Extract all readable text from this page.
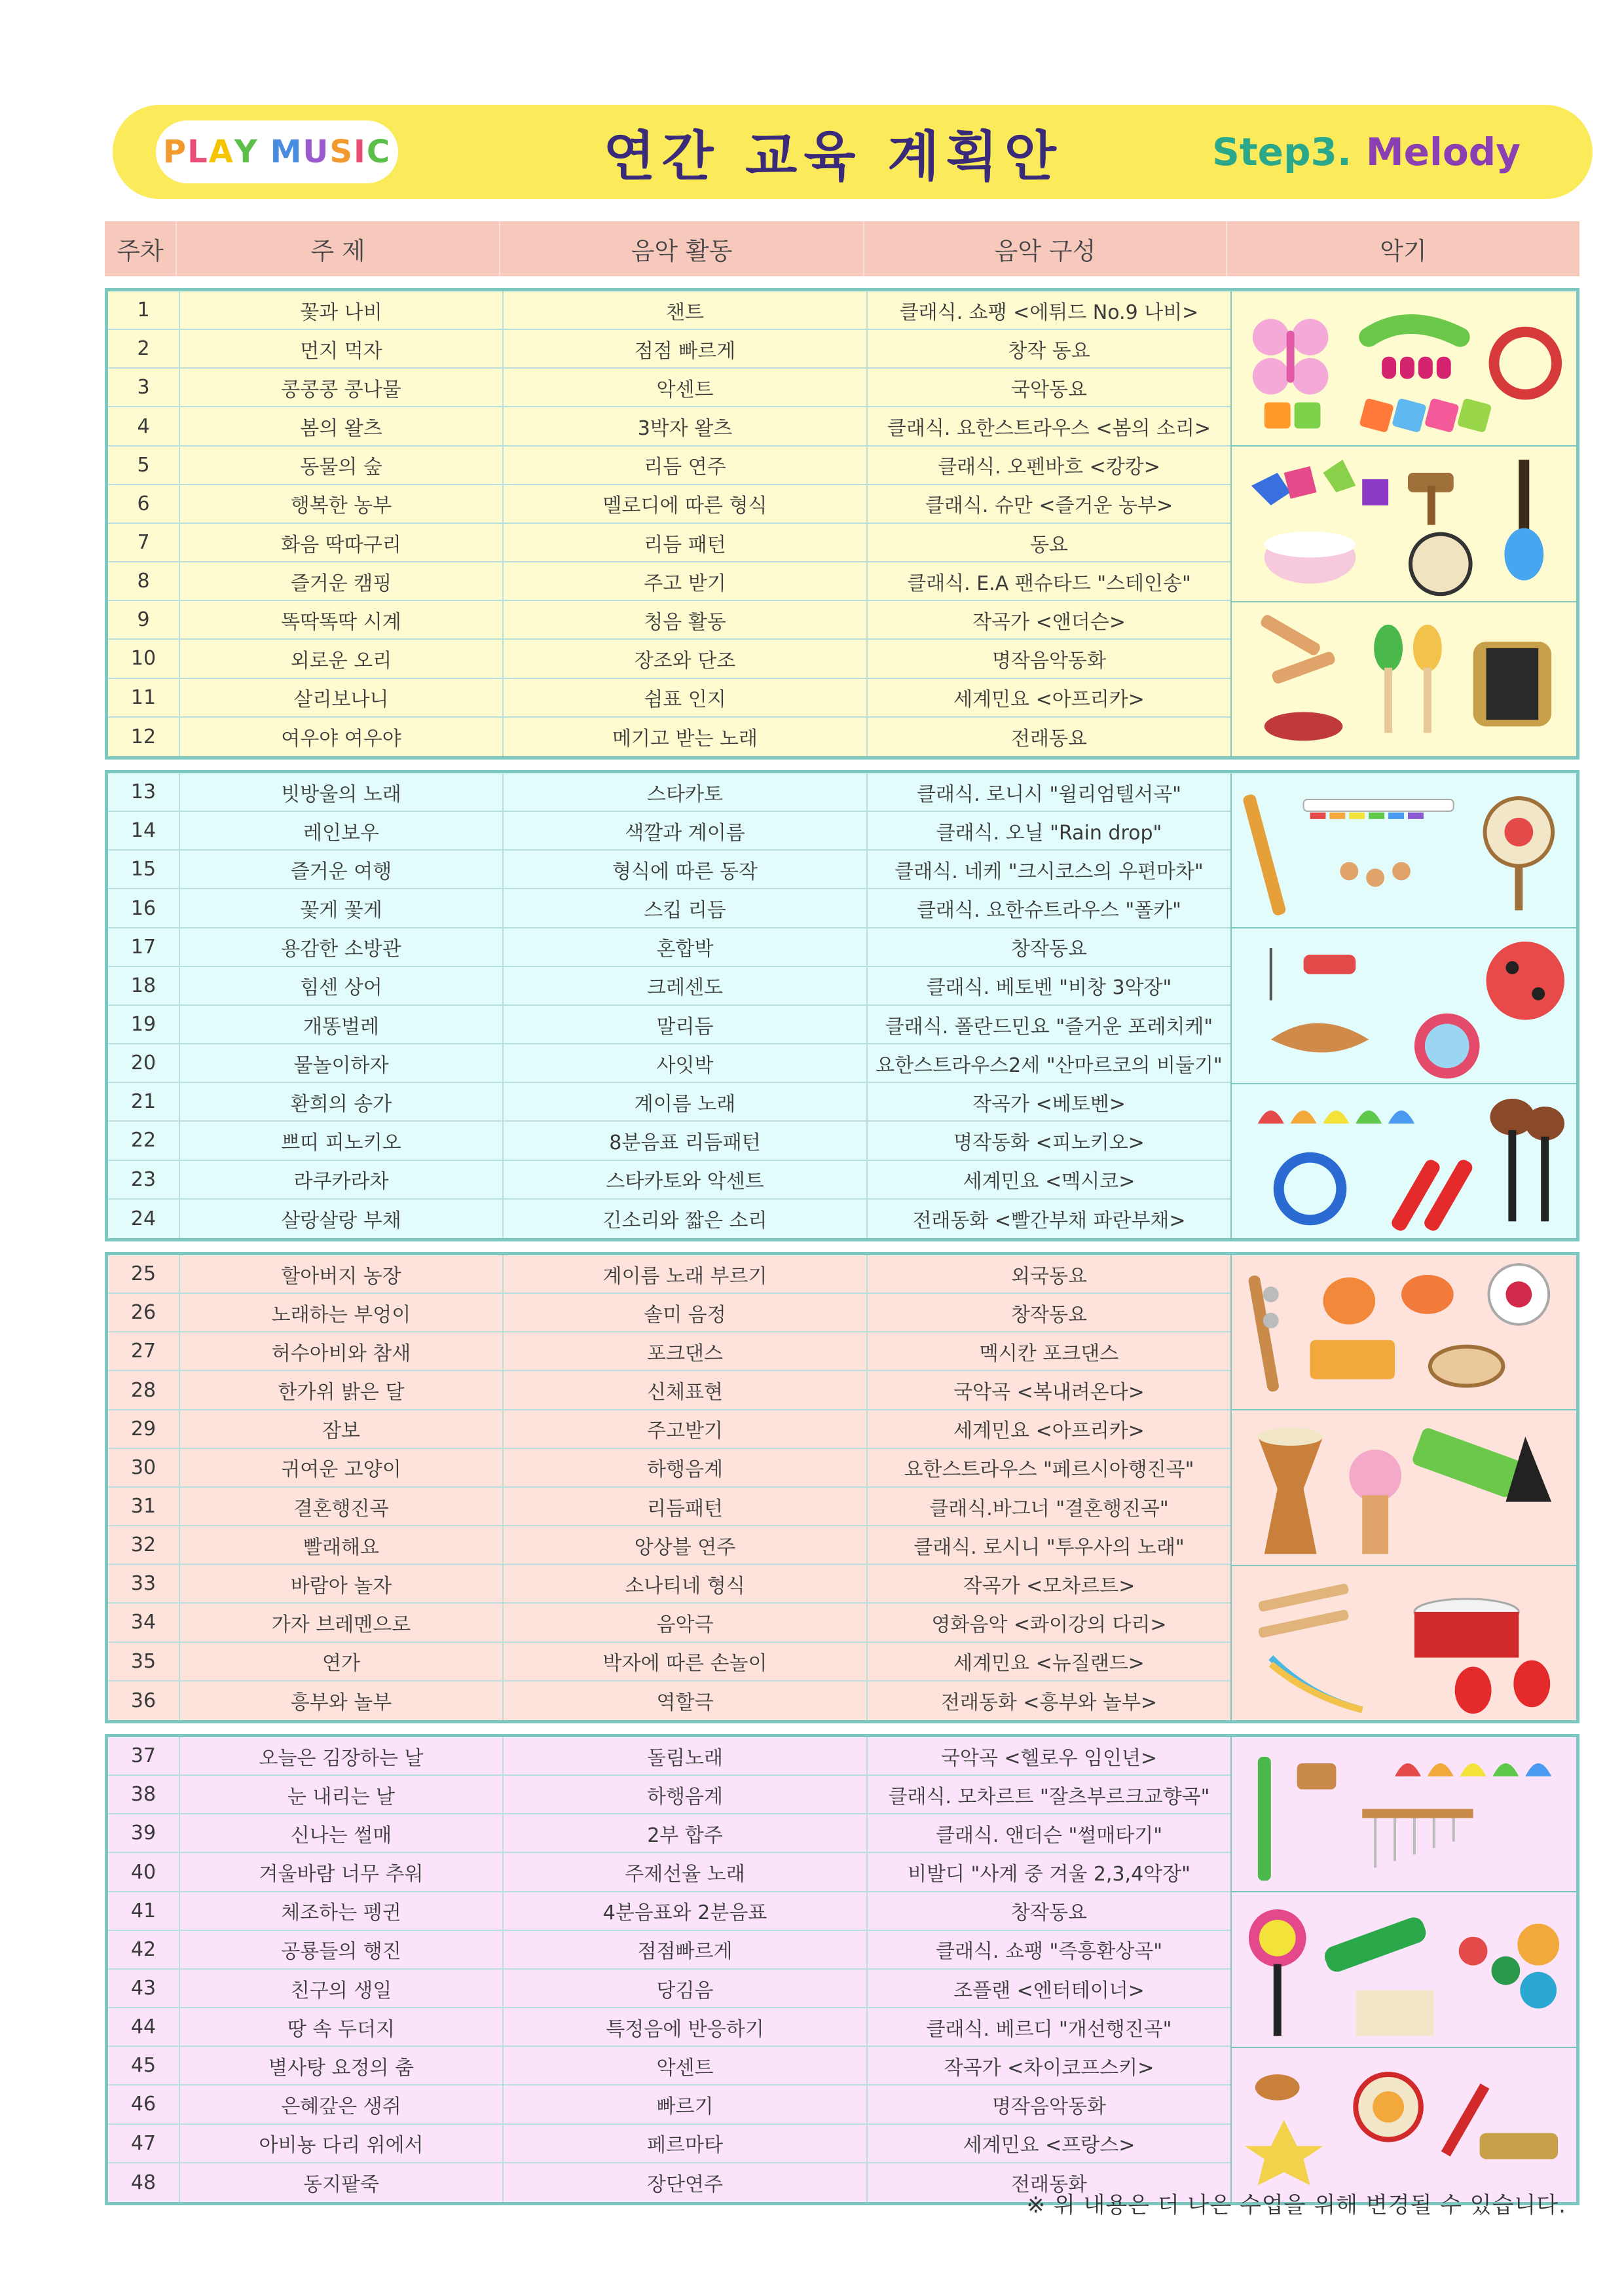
P L A Y M U S I C	연간 교육 계획안	Step3. Melody
주차	주 제	음악 활동	음악 구성	악기
1	꽃과 나비	챈트	클래식. 쇼팽 <에튀드 No.9 나비>
2	먼지 먹자	점점 빠르게	창작 동요
3	콩콩콩 콩나물	악센트	국악동요
4	봄의 왈츠	3박자 왈츠	클래식. 요한스트라우스 <봄의 소리>
5	동물의 숲	리듬 연주	클래식. 오펜바흐 <캉캉>
6	행복한 농부	멜로디에 따른 형식	클래식. 슈만 <즐거운 농부>
7	화음 딱따구리	리듬 패턴	동요
8	즐거운 캠핑	주고 받기	클래식. E.A 팬슈타드 "스테인송"
9	똑딱똑딱 시계	청음 활동	작곡가 <앤더슨>
10	외로운 오리	장조와 단조	명작음악동화
11	살리보나니	쉼표 인지	세계민요 <아프리카>
12	여우야 여우야	메기고 받는 노래	전래동요
13	빗방울의 노래	스타카토	클래식. 로니시 "윌리엄텔서곡"
14	레인보우	색깔과 계이름	클래식. 오닐 "Rain drop"
15	즐거운 여행	형식에 따른 동작	클래식. 네케 "크시코스의 우편마차"
16	꽃게 꽃게	스킵 리듬	클래식. 요한슈트라우스 "폴카"
17	용감한 소방관	혼합박	창작동요
18	힘센 상어	크레센도	클래식. 베토벤 "비창 3악장"
19	개똥벌레	말리듬	클래식. 폴란드민요 "즐거운 포레치케"
20	물놀이하자	사잇박	요한스트라우스2세 "산마르코의 비둘기"
21	환희의 송가	계이름 노래	작곡가 <베토벤>
22	쁘띠 피노키오	8분음표 리듬패턴	명작동화 <피노키오>
23	라쿠카라차	스타카토와 악센트	세계민요 <멕시코>
24	살랑살랑 부채	긴소리와 짧은 소리	전래동화 <빨간부채 파란부채>
25	할아버지 농장	계이름 노래 부르기	외국동요
26	노래하는 부엉이	솔미 음정	창작동요
27	허수아비와 참새	포크댄스	멕시칸 포크댄스
28	한가위 밝은 달	신체표현	국악곡 <복내려온다>
29	잠보	주고받기	세계민요 <아프리카>
30	귀여운 고양이	하행음계	요한스트라우스 "페르시아행진곡"
31	결혼행진곡	리듬패턴	클래식.바그너 "결혼행진곡"
32	빨래해요	앙상블 연주	클래식. 로시니 "투우사의 노래"
33	바람아 놀자	소나티네 형식	작곡가 <모차르트>
34	가자 브레멘으로	음악극	영화음악 <콰이강의 다리>
35	연가	박자에 따른 손놀이	세계민요 <뉴질랜드>
36	흥부와 놀부	역할극	전래동화 <흥부와 놀부>
37	오늘은 김장하는 날	돌림노래	국악곡 <헬로우 임인년>
38	눈 내리는 날	하행음계	클래식. 모차르트 "잘츠부르크교향곡"
39	신나는 썰매	2부 합주	클래식. 앤더슨 "썰매타기"
40	겨울바람 너무 추워	주제선율 노래	비발디 "사계 중 겨울 2,3,4악장"
41	체조하는 펭귄	4분음표와 2분음표	창작동요
42	공룡들의 행진	점점빠르게	클래식. 쇼팽 "즉흥환상곡"
43	친구의 생일	당김음	조플랜 <엔터테이너>
44	땅 속 두더지	특정음에 반응하기	클래식. 베르디 "개선행진곡"
45	별사탕 요정의 춤	악센트	작곡가 <차이코프스키>
46	은혜갚은 생쥐	빠르기	명작음악동화
47	아비뇽 다리 위에서	페르마타	세계민요 <프랑스>
48	동지팥죽	장단연주	전래동화
※ 위 내용은 더 나은 수업을 위해 변경될 수 있습니다.
